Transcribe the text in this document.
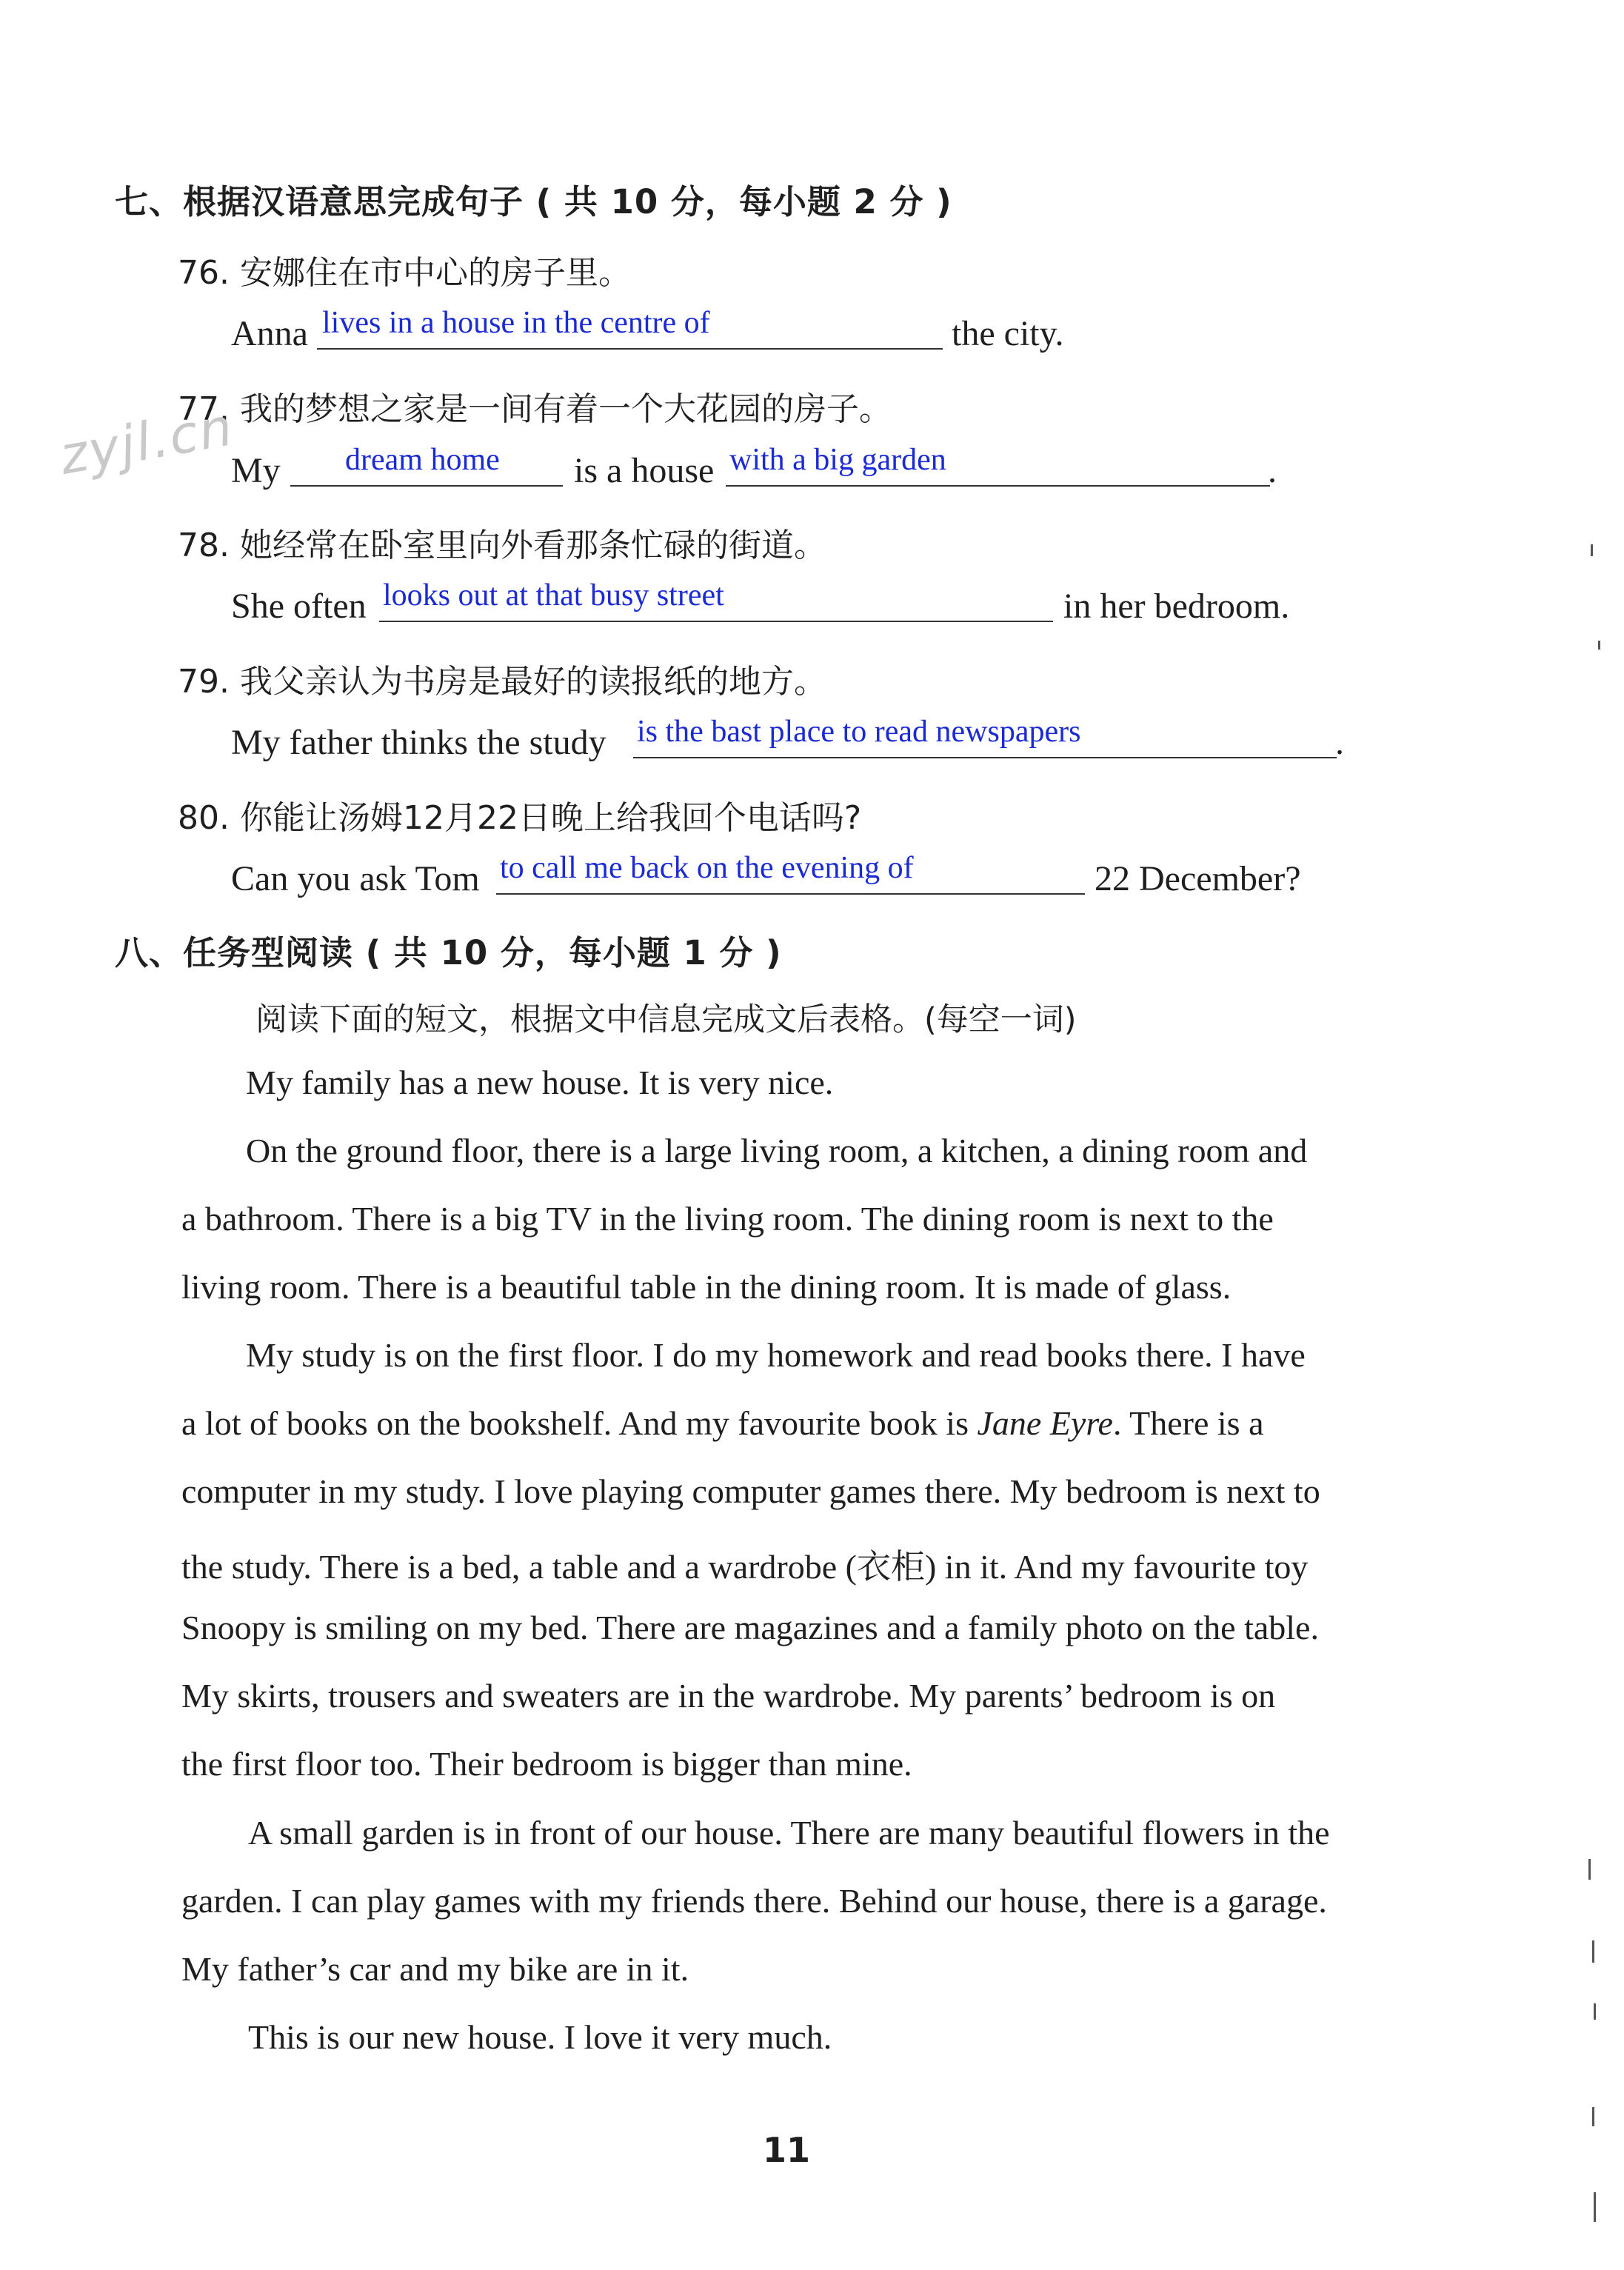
七、根据汉语意思完成句子 ( 共 10 分，每小题 2 分 )
76. 安娜住在市中心的房子里。
Anna lives in a house in the centre of	the city.
77. 我的梦想之家是一间有着一个大花园的房子。
zyjl.cn
My dream home is a house with a big garden	.
78. 她经常在卧室里向外看那条忙碌的街道。
She often looks out at that busy street	in her bedroom.
79. 我父亲认为书房是最好的读报纸的地方。
My father thinks the study is the bast place to read newspapers	.
80. 你能让汤姆12月22日晚上给我回个电话吗?
Can you ask Tom to call me back on the evening of	22 December?
八、任务型阅读 ( 共 10 分，每小题 1 分 )
阅读下面的短文，根据文中信息完成文后表格。(每空一词)
My family has a new house. It is very nice.
On the ground floor, there is a large living room, a kitchen, a dining room and
a bathroom. There is a big TV in the living room. The dining room is next to the
living room. There is a beautiful table in the dining room. It is made of glass.
My study is on the first floor. I do my homework and read books there. I have
a lot of books on the bookshelf. And my favourite book is Jane Eyre. There is a
computer in my study. I love playing computer games there. My bedroom is next to
the study. There is a bed, a table and a wardrobe (衣柜) in it. And my favourite toy
Snoopy is smiling on my bed. There are magazines and a family photo on the table.
My skirts, trousers and sweaters are in the wardrobe. My parents’ bedroom is on
the first floor too. Their bedroom is bigger than mine.
A small garden is in front of our house. There are many beautiful flowers in the
garden. I can play games with my friends there. Behind our house, there is a garage.
My father’s car and my bike are in it.
This is our new house. I love it very much.
11
